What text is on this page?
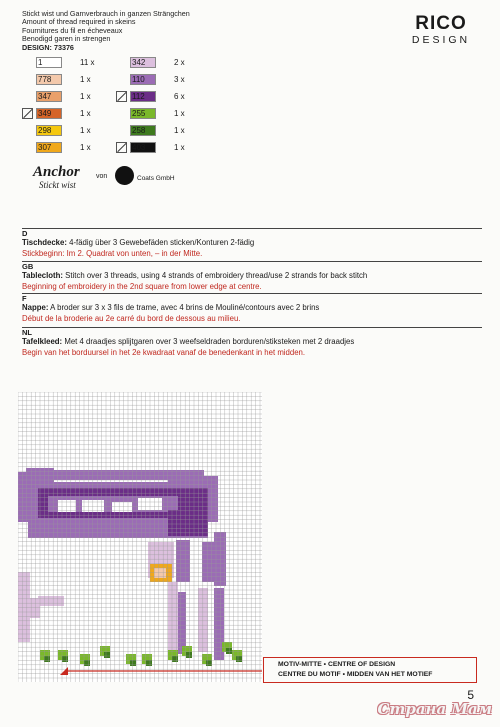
Stickt wist und Garnverbrauch in ganzen Strängchen
Amount of thread required in skeins
Fournitures du fil en écheveaux
Benodigd garen in strengen
DESIGN: 73376
RICO
DESIGN
1	11 x
778	1 x
347	1 x
349	1 x
298	1 x
307	1 x
342	2 x
110	3 x
112	6 x
255	1 x
258	1 x
403	1 x
Anchor
Stickt wist
von	Coats GmbH
D
Tischdecke: 4-fädig über 3 Gewebefäden sticken/Konturen 2-fädig
Stickbeginn: Im 2. Quadrat von unten, – in der Mitte.
GB
Tablecloth: Stitch over 3 threads, using 4 strands of embroidery thread/use 2 strands for back stitch
Beginning of embroidery in the 2nd square from lower edge at centre.
F
Nappe: A broder sur 3 x 3 fils de trame, avec 4 brins de Mouliné/contours avec 2 brins
Début de la broderie au 2e carré du bord de dessous au milieu.
NL
Tafelkleed: Met 4 draadjes splijtgaren over 3 weefseldraden borduren/stiksteken met 2 draadjes
Begin van het borduursel in het 2e kwadraat vanaf de benedenkant in het midden.
MOTIV-MITTE • CENTRE OF DESIGN
CENTRE DU MOTIF • MIDDEN VAN HET MOTIEF
5
Страна Мам
